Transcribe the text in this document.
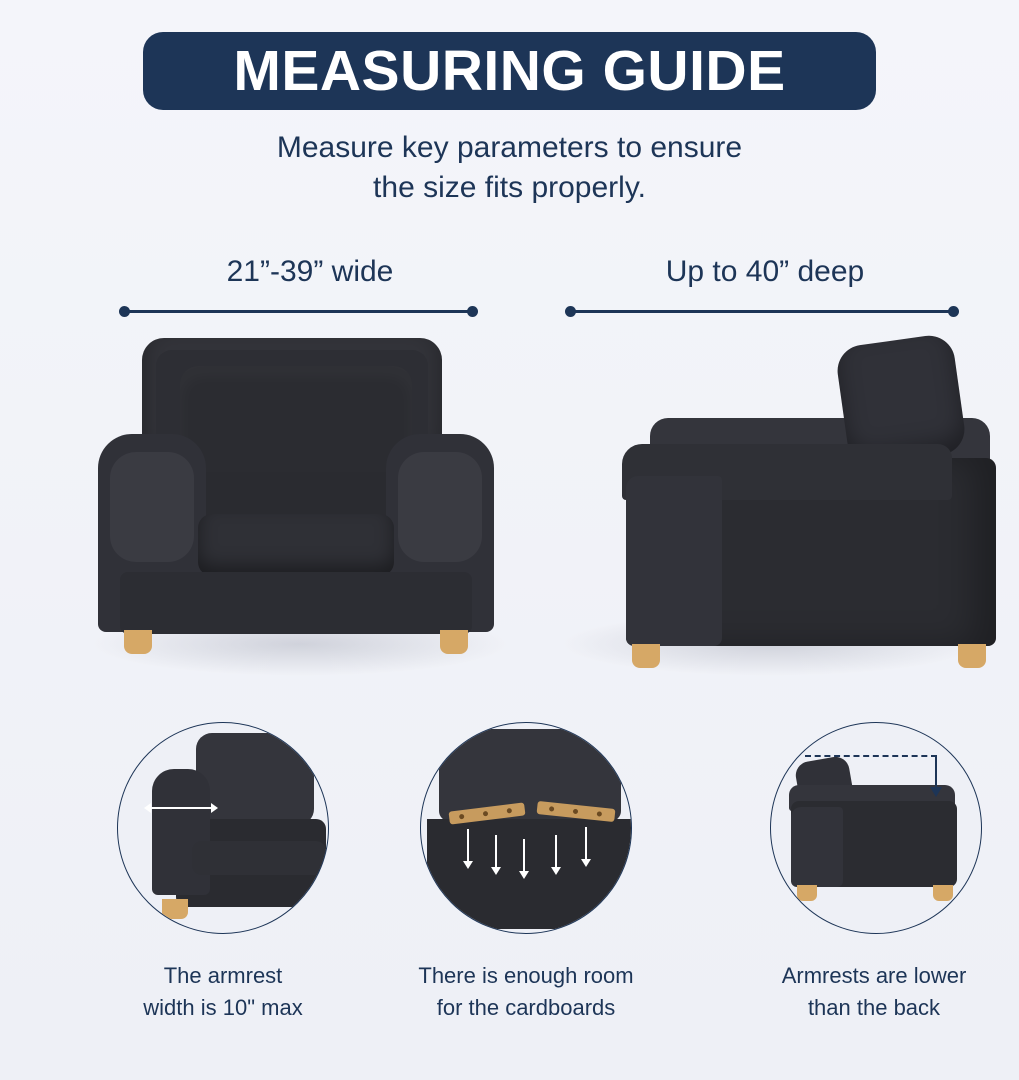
MEASURING GUIDE
Measure key parameters to ensure
the size fits properly.
21”-39” wide	Up to 40” deep
The armrest
width is 10" max
There is enough room
for the cardboards
Armrests are lower
than the back
